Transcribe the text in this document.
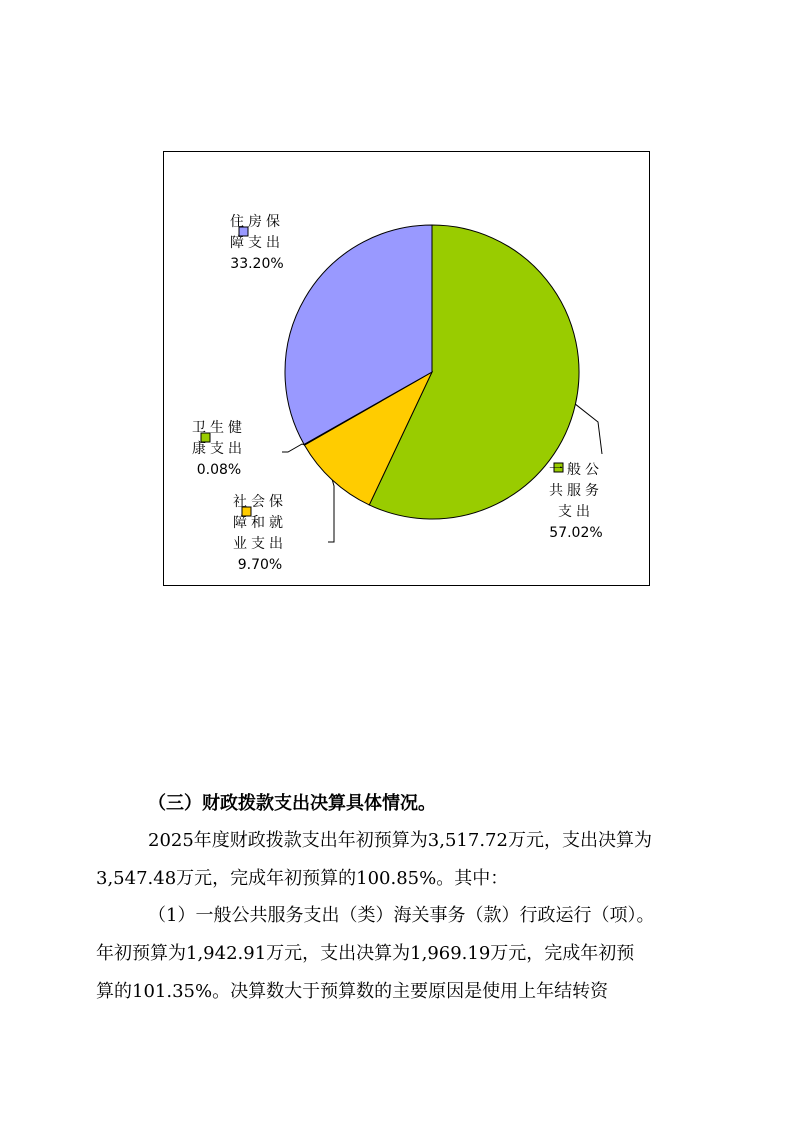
一般公
共服务
支出
57.02%
社会保
障和就
业支出
9.70%
卫生健
康支出
0.08%
住房保
障支出
33.20%
（三）财政拨款支出决算具体情况。
2025年度财政拨款支出年初预算为3,517.72万元，支出决算为
3,547.48万元，完成年初预算的100.85%。其中：
（1）一般公共服务支出（类）海关事务（款）行政运行（项）。
年初预算为1,942.91万元，支出决算为1,969.19万元，完成年初预
算的101.35%。决算数大于预算数的主要原因是使用上年结转资
